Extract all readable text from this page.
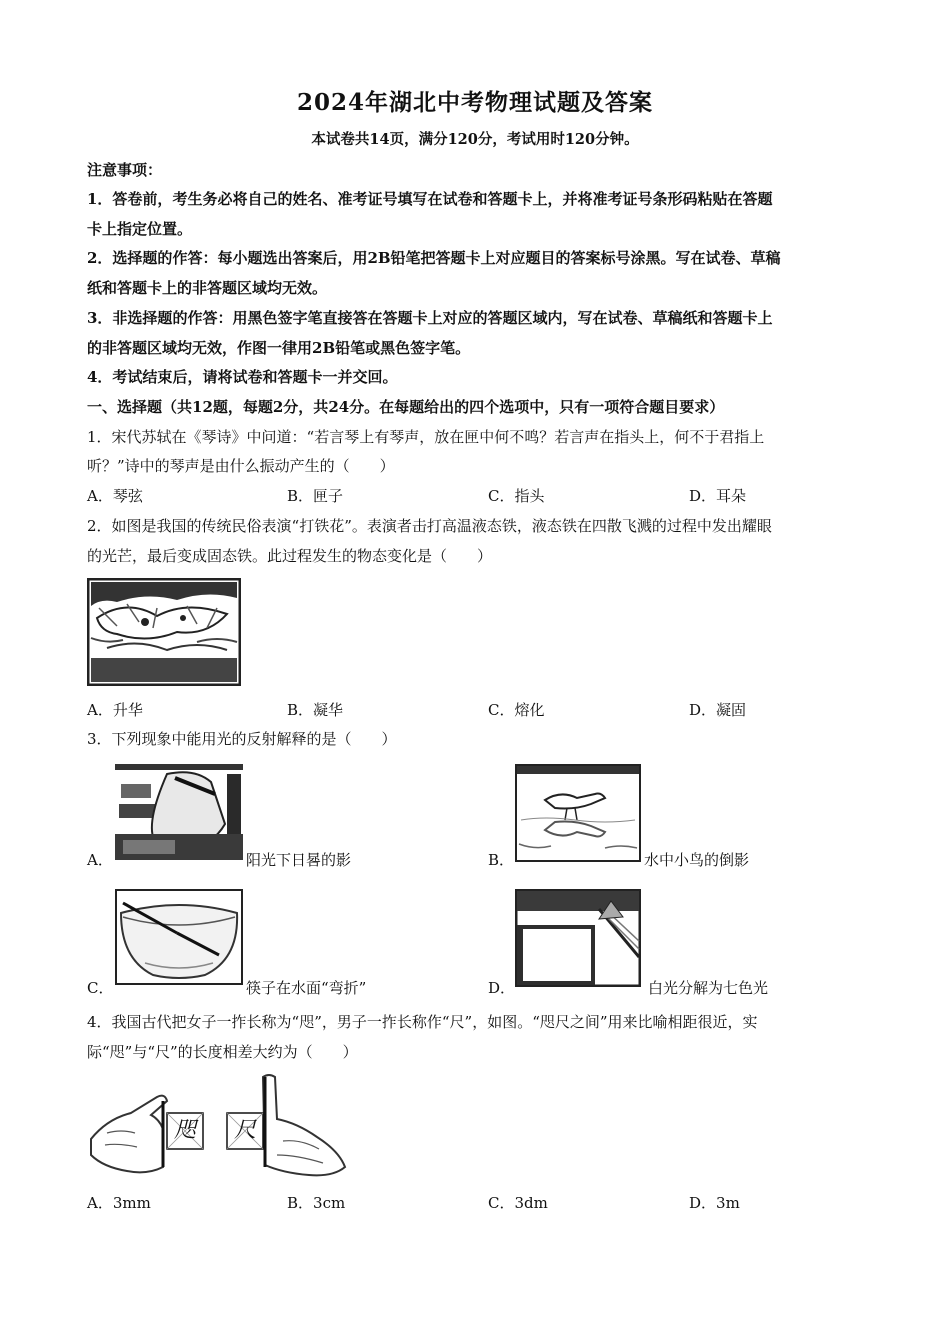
2024年湖北中考物理试题及答案
本试卷共14页，满分120分，考试用时120分钟。
注意事项：
1．答卷前，考生务必将自己的姓名、准考证号填写在试卷和答题卡上，并将准考证号条形码粘贴在答题
卡上指定位置。
2．选择题的作答：每小题选出答案后，用2B铅笔把答题卡上对应题目的答案标号涂黑。写在试卷、草稿
纸和答题卡上的非答题区域均无效。
3．非选择题的作答：用黑色签字笔直接答在答题卡上对应的答题区域内，写在试卷、草稿纸和答题卡上
的非答题区域均无效，作图一律用2B铅笔或黑色签字笔。
4．考试结束后，请将试卷和答题卡一并交回。
一、选择题（共12题，每题2分，共24分。在每题给出的四个选项中，只有一项符合题目要求）
1．宋代苏轼在《琴诗》中问道：“若言琴上有琴声，放在匣中何不鸣？若言声在指头上，何不于君指上
听？”诗中的琴声是由什么振动产生的（　　）
A．琴弦	B．匣子	C．指头	D．耳朵
2．如图是我国的传统民俗表演“打铁花”。表演者击打高温液态铁，液态铁在四散飞溅的过程中发出耀眼
的光芒，最后变成固态铁。此过程发生的物态变化是（　　）
A．升华	B．凝华	C．熔化	D．凝固
3．下列现象中能用光的反射解释的是（　　）
A．	阳光下日晷的影	B．	水中小鸟的倒影
C．	筷子在水面“弯折”	D．	白光分解为七色光
4．我国古代把女子一拃长称为“咫”，男子一拃长称作“尺”，如图。“咫尺之间”用来比喻相距很近，实
际“咫”与“尺”的长度相差大约为（　　）
咫	尺
A．3mm	B．3cm	C．3dm	D．3m
